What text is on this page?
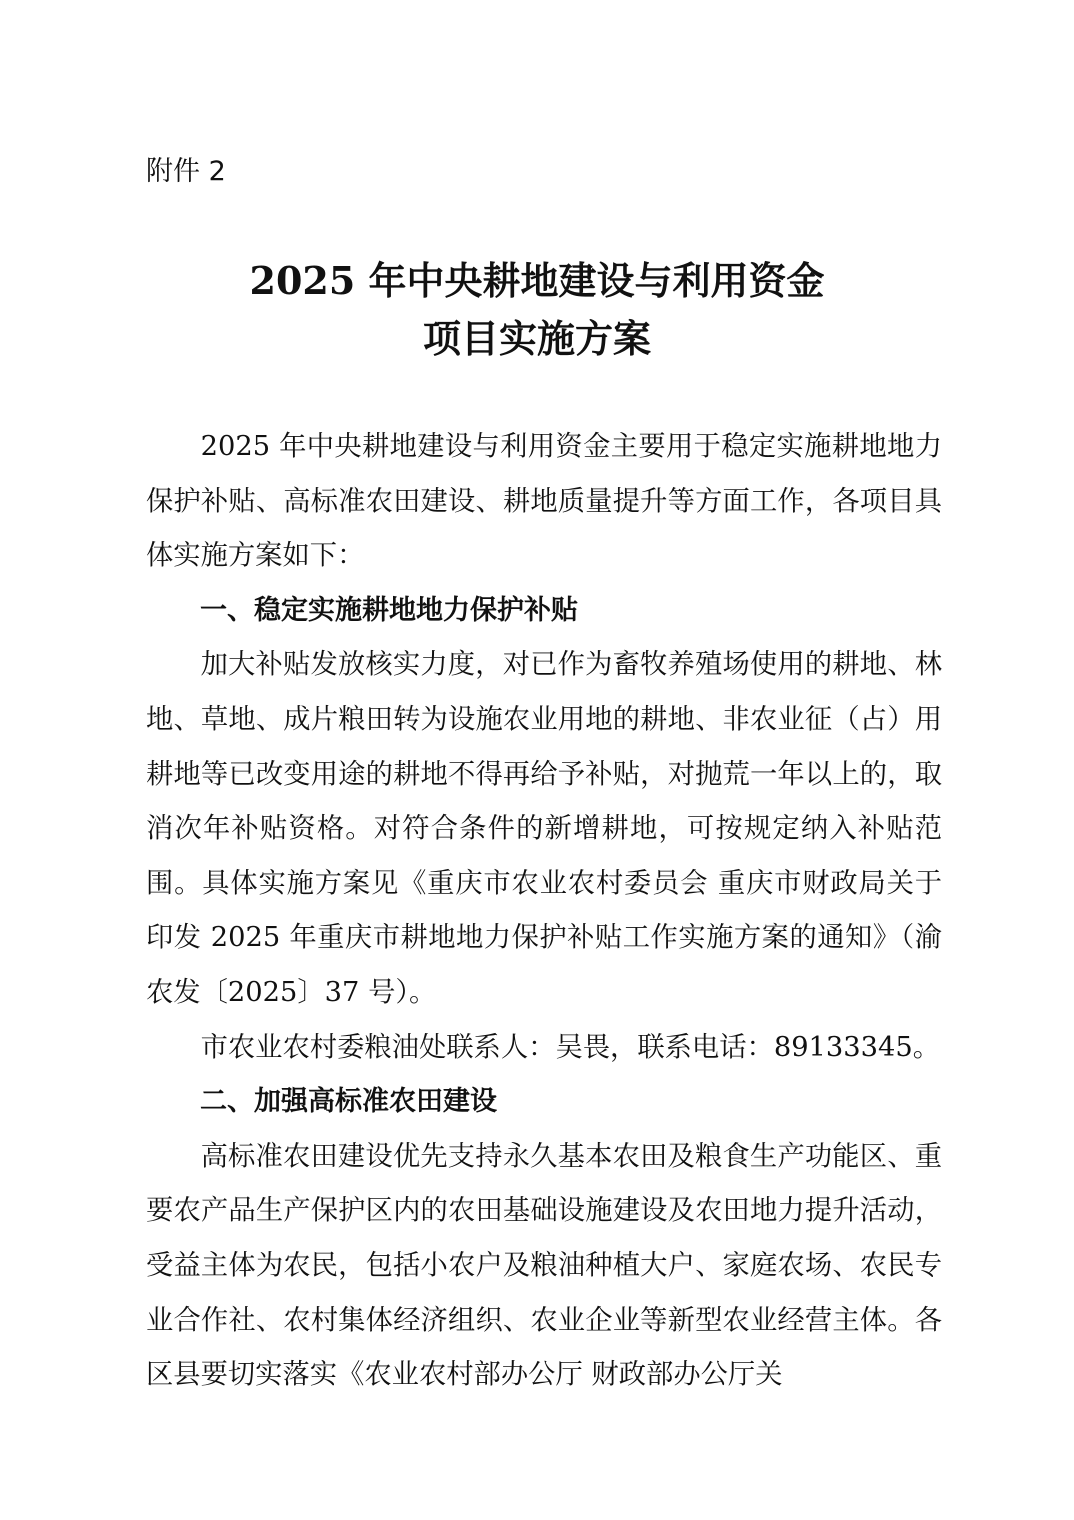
附件 2
2025 年中央耕地建设与利用资金
项目实施方案

2025 年中央耕地建设与利用资金主要用于稳定实施耕地地力保护补贴、高标准农田建设、耕地质量提升等方面工作，各项目具体实施方案如下：

一、稳定实施耕地地力保护补贴

加大补贴发放核实力度，对已作为畜牧养殖场使用的耕地、林地、草地、成片粮田转为设施农业用地的耕地、非农业征（占）用耕地等已改变用途的耕地不得再给予补贴，对抛荒一年以上的，取消次年补贴资格。对符合条件的新增耕地，可按规定纳入补贴范围。具体实施方案见《重庆市农业农村委员会 重庆市财政局关于印发 2025 年重庆市耕地地力保护补贴工作实施方案的通知》（渝农发〔2025〕37 号）。

市农业农村委粮油处联系人：吴畏，联系电话：89133345。

二、加强高标准农田建设

高标准农田建设优先支持永久基本农田及粮食生产功能区、重要农产品生产保护区内的农田基础设施建设及农田地力提升活动，受益主体为农民，包括小农户及粮油种植大户、家庭农场、农民专业合作社、农村集体经济组织、农业企业等新型农业经营主体。各区县要切实落实《农业农村部办公厅 财政部办公厅关
